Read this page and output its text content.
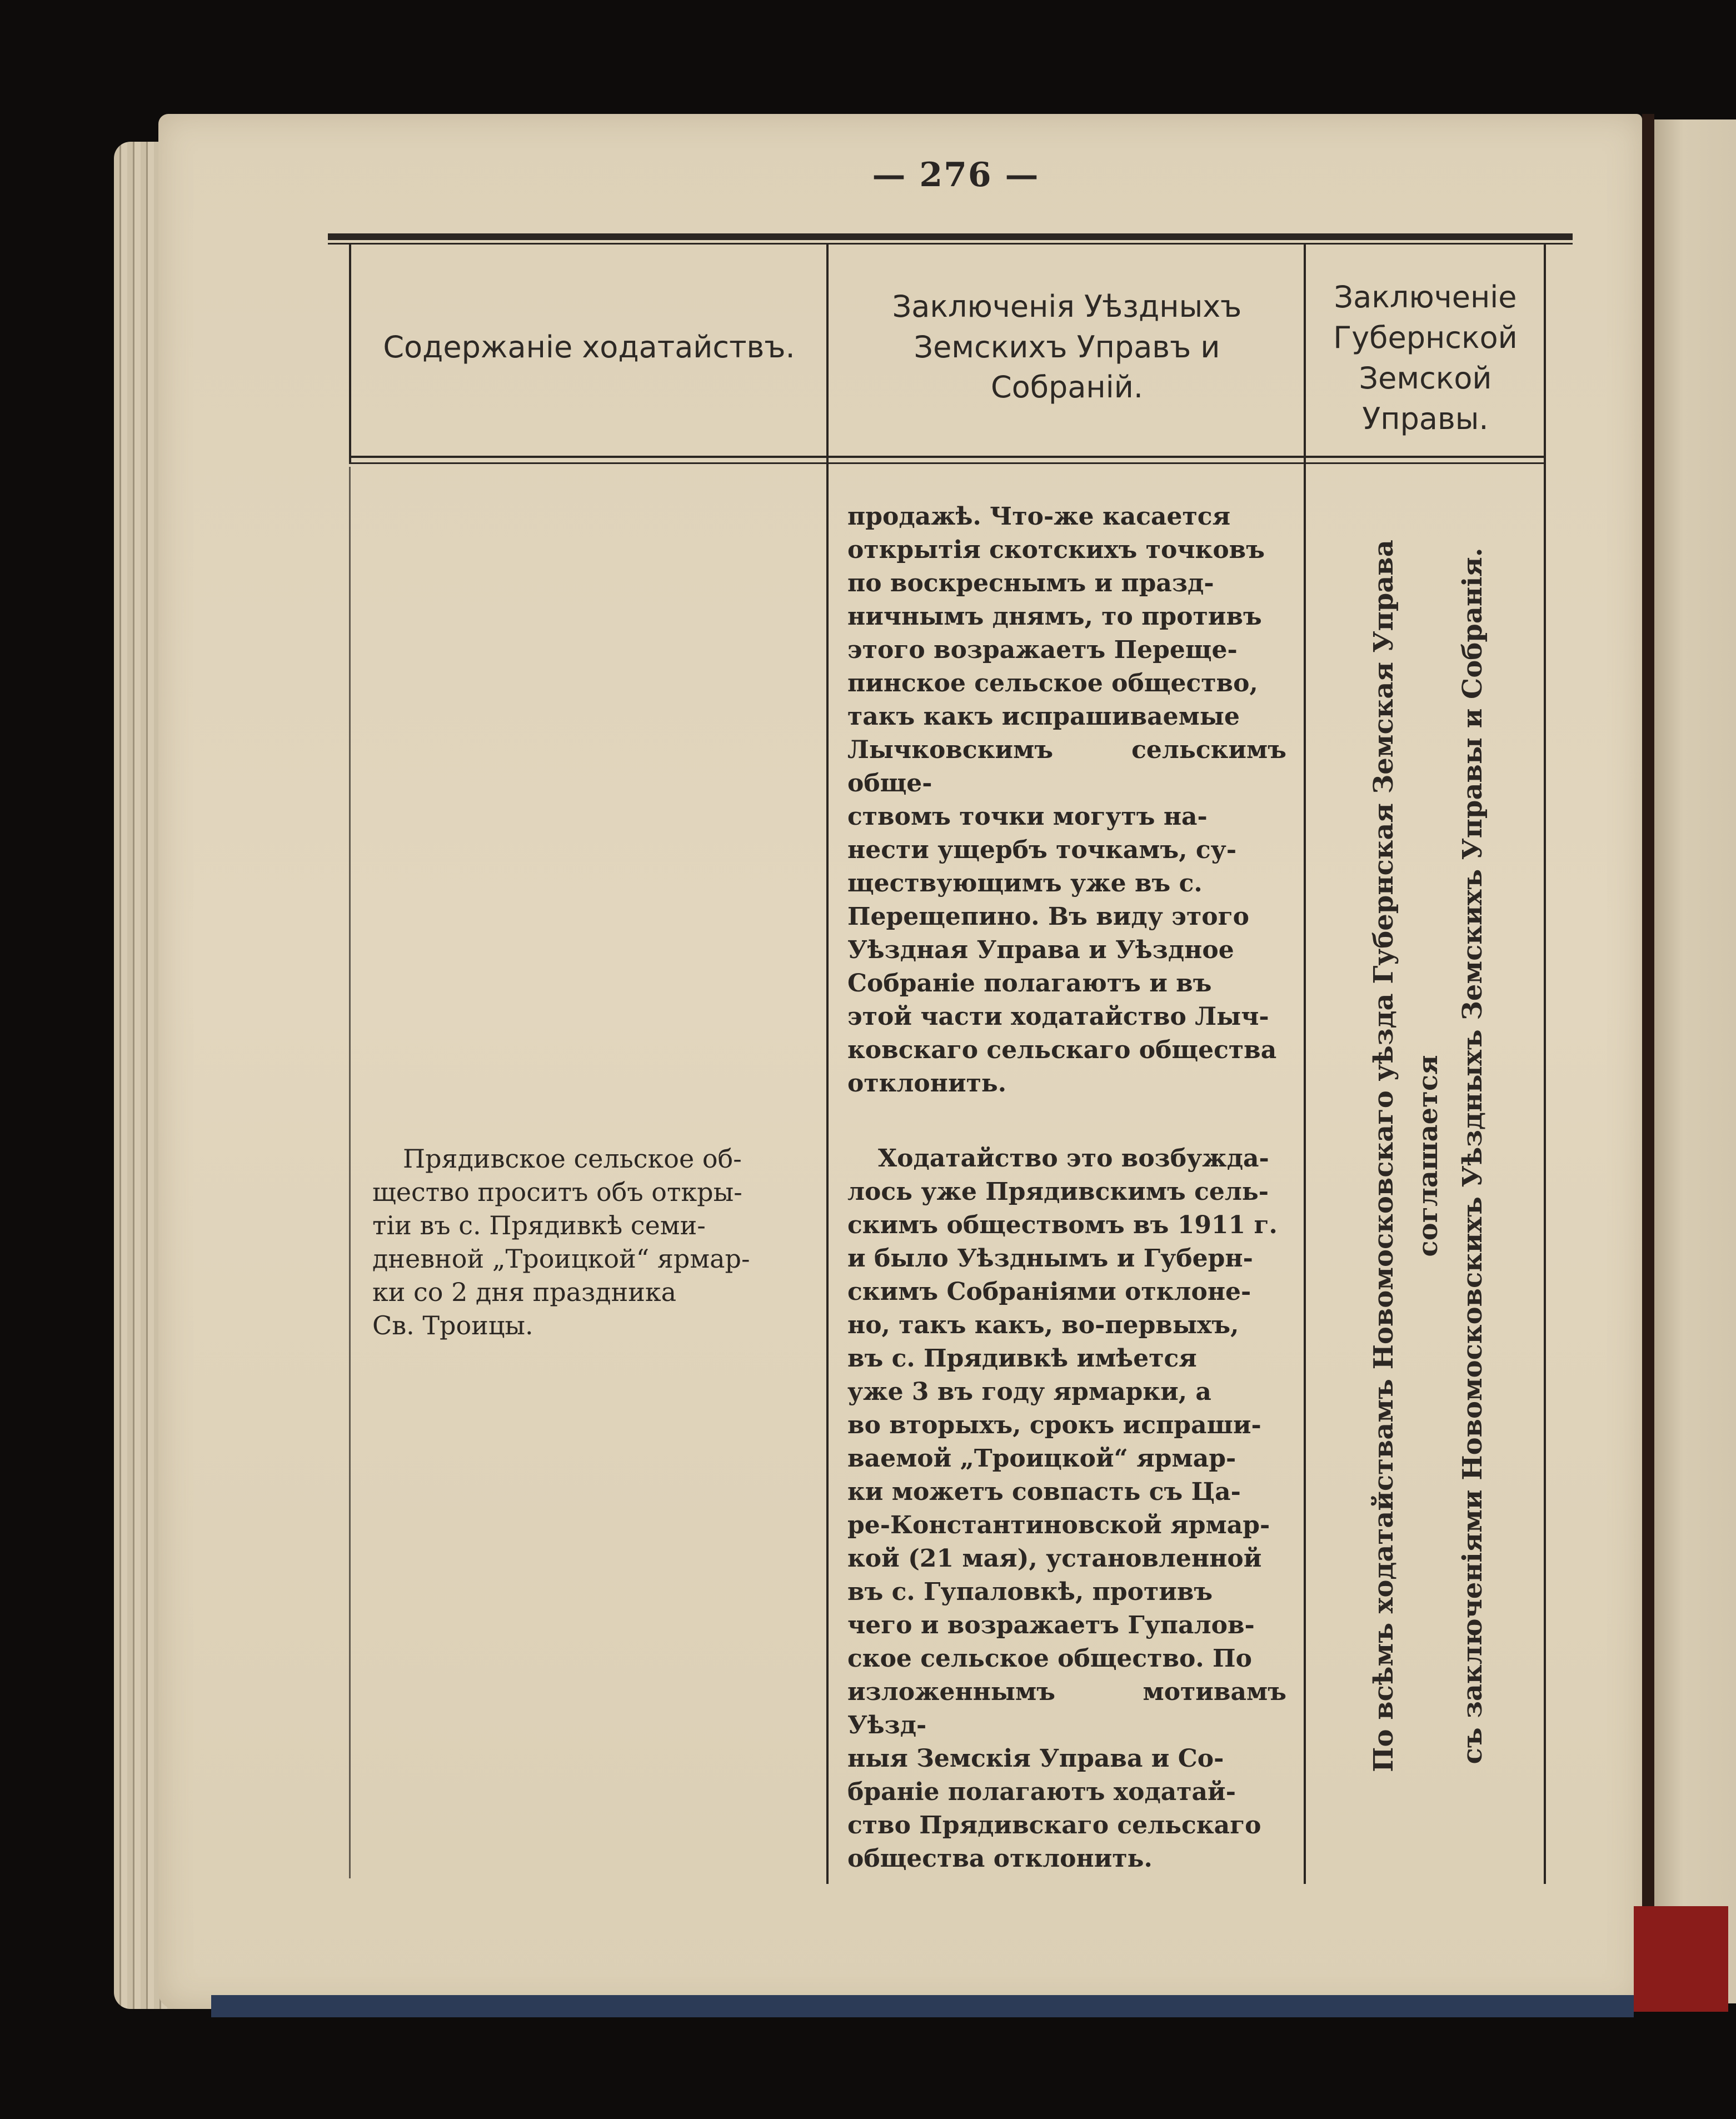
— 276 —
Содержаніе ходатайствъ.
Заключенія Уѣздныхъ Земскихъ Управъ и Собраній.
Заключеніе Губернской Земской Управы.

продажѣ. Что-же касается
открытія скотскихъ точковъ
по воскреснымъ и празд-
ничнымъ днямъ, то противъ
этого возражаетъ Перещe-
пинское сельское общество,
такъ какъ испрашиваемые
Лычковскимъ сельскимъ обще-
ствомъ точки могутъ на-
нести ущербъ точкамъ, су-
ществующимъ уже въ с.
Перещепино. Въ виду этого
Уѣздная Управа и Уѣздное
Собраніе полагаютъ и въ
этой части ходатайство Лыч-
ковскаго сельскаго общества
отклонить.

Прядивское сельское об-
щество проситъ объ откры-
тіи въ с. Прядивкѣ семи-
дневной „Троицкой“ ярмар-
ки со 2 дня праздника
Св. Троицы.

Ходатайство это возбужда-
лось уже Прядивскимъ сель-
скимъ обществомъ въ 1911 г.
и было Уѣзднымъ и Губерн-
скимъ Собраніями отклоне-
но, такъ какъ, во-первыхъ,
въ с. Прядивкѣ имѣется
уже 3 въ году ярмарки, а
во вторыхъ, срокъ испраши-
ваемой „Троицкой“ ярмар-
ки можетъ совпасть съ Ца-
ре-Константиновской ярмар-
кой (21 мая), установленной
въ с. Гупаловкѣ, противъ
чего и возражаетъ Гупалов-
ское сельское общество. По
изложеннымъ мотивамъ Уѣзд-
ныя Земскія Управа и Со-
браніе полагаютъ ходатай-
ство Прядивскаго сельскаго
общества отклонить.

По всѣмъ ходатайствамъ Новомосковскаго уѣзда Губернская Земская Управа соглашается съ заключеніями Новомосковскихъ Уѣздныхъ Земскихъ Управы и Собранія.
